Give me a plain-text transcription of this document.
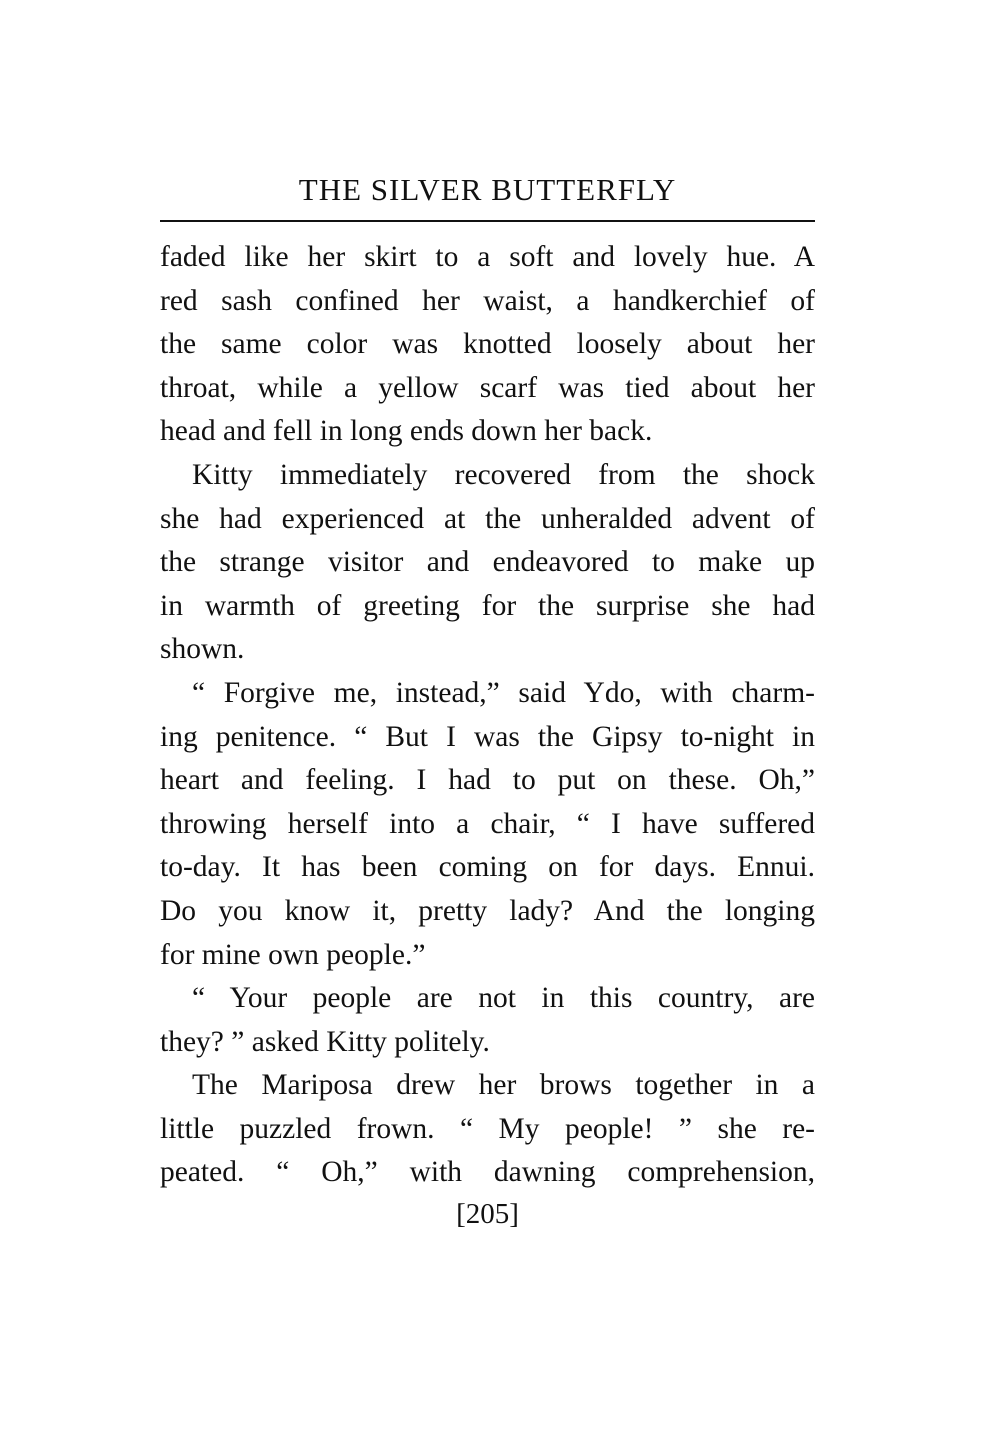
THE SILVER BUTTERFLY
faded like her skirt to a soft and lovely hue. A
red sash confined her waist, a handkerchief of
the same color was knotted loosely about her
throat, while a yellow scarf was tied about her
head and fell in long ends down her back.
Kitty immediately recovered from the shock
she had experienced at the unheralded advent of
the strange visitor and endeavored to make up
in warmth of greeting for the surprise she had
shown.
“ Forgive me, instead,” said Ydo, with charm-
ing penitence. “ But I was the Gipsy to-night in
heart and feeling. I had to put on these. Oh,”
throwing herself into a chair, “ I have suffered
to-day. It has been coming on for days. Ennui.
Do you know it, pretty lady? And the longing
for mine own people.”
“ Your people are not in this country, are
they? ” asked Kitty politely.
The Mariposa drew her brows together in a
little puzzled frown. “ My people! ” she re-
peated. “ Oh,” with dawning comprehension,
[205]
